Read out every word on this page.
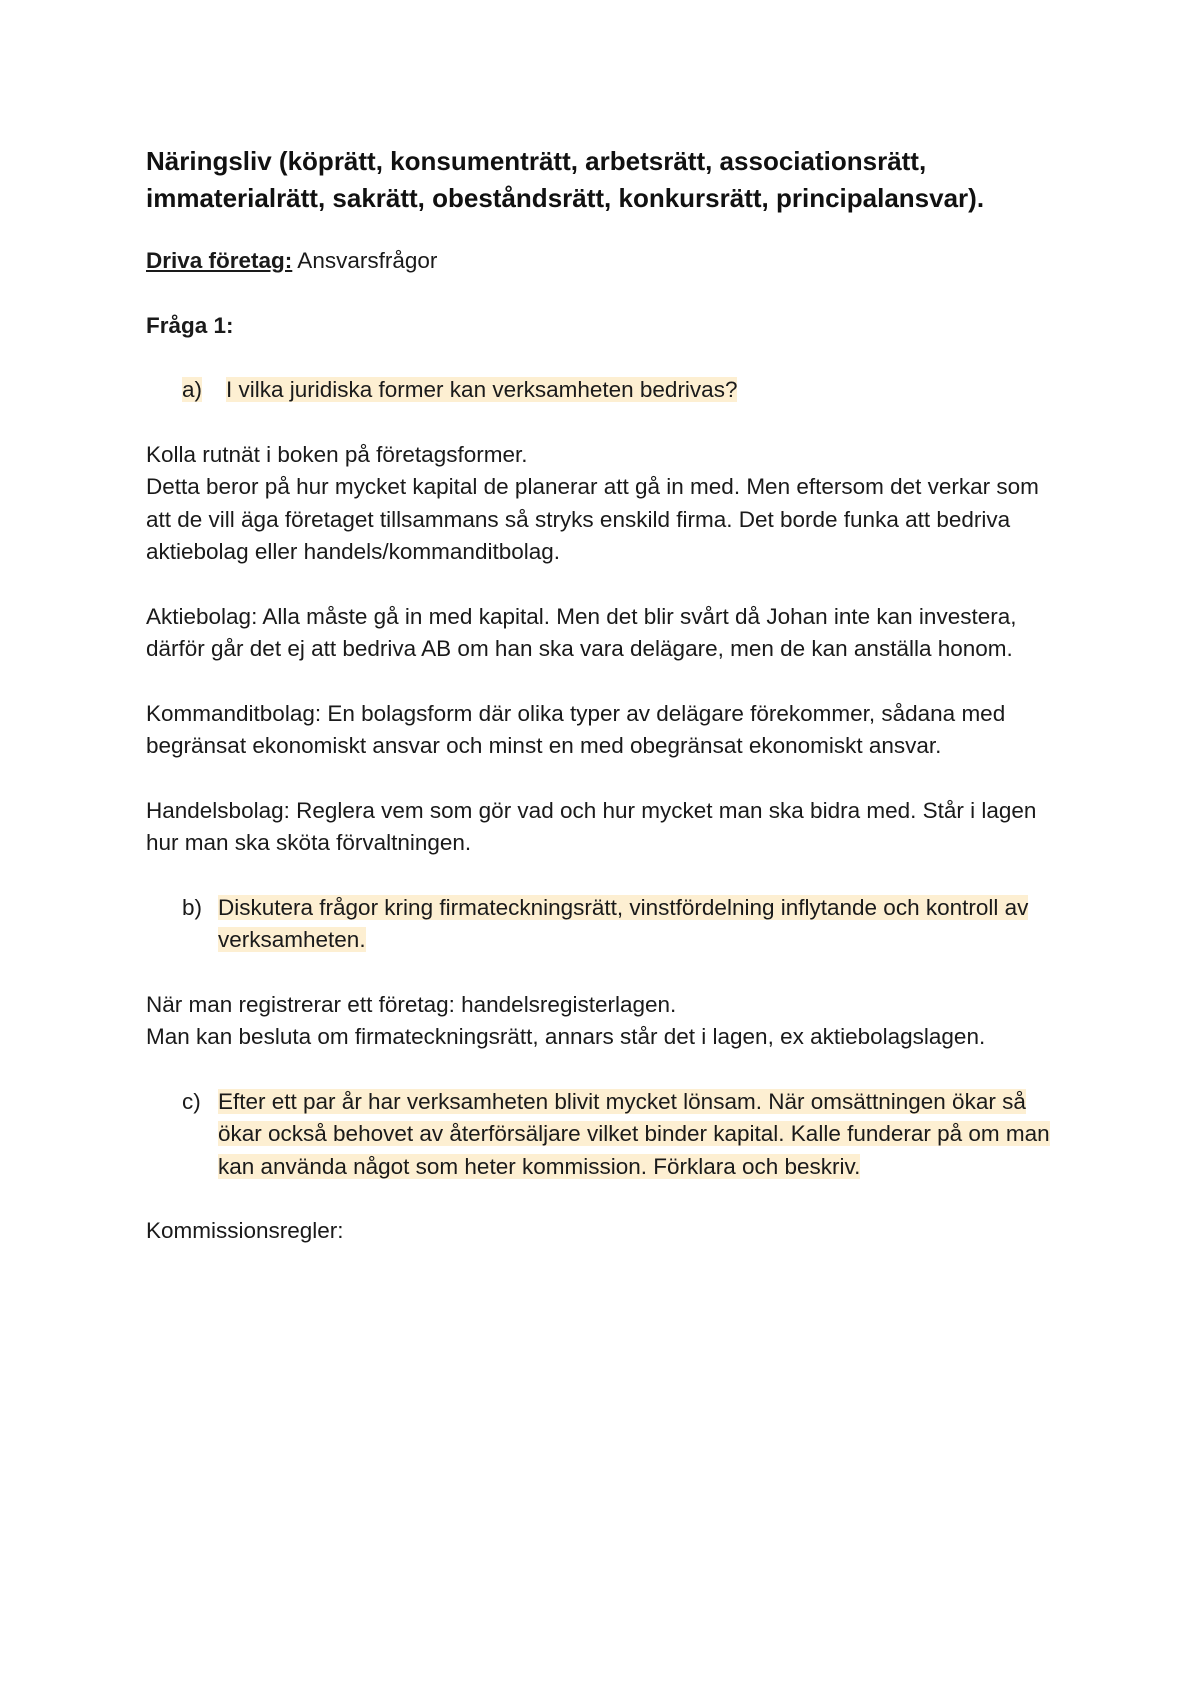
Näringsliv (köprätt, konsumenträtt, arbetsrätt, associationsrätt, immaterialrätt, sakrätt, obeståndsrätt, konkursrätt, principalansvar).

Driva företag: Ansvarsfrågor

Fråga 1:

a)	I vilka juridiska former kan verksamheten bedrivas?

Kolla rutnät i boken på företagsformer.

Detta beror på hur mycket kapital de planerar att gå in med. Men eftersom det verkar som att de vill äga företaget tillsammans så stryks enskild firma. Det borde funka att bedriva aktiebolag eller handels/kommanditbolag.

Aktiebolag: Alla måste gå in med kapital. Men det blir svårt då Johan inte kan investera, därför går det ej att bedriva AB om han ska vara delägare, men de kan anställa honom.

Kommanditbolag: En bolagsform där olika typer av delägare förekommer, sådana med begränsat ekonomiskt ansvar och minst en med obegränsat ekonomiskt ansvar.

Handelsbolag: Reglera vem som gör vad och hur mycket man ska bidra med. Står i lagen hur man ska sköta förvaltningen.

b) Diskutera frågor kring firmateckningsrätt, vinstfördelning inflytande och kontroll av verksamheten.

När man registrerar ett företag: handelsregisterlagen.

Man kan besluta om firmateckningsrätt, annars står det i lagen, ex aktiebolagslagen.

c) Efter ett par år har verksamheten blivit mycket lönsam. När omsättningen ökar så ökar också behovet av återförsäljare vilket binder kapital. Kalle funderar på om man kan använda något som heter kommission. Förklara och beskriv.

Kommissionsregler:
